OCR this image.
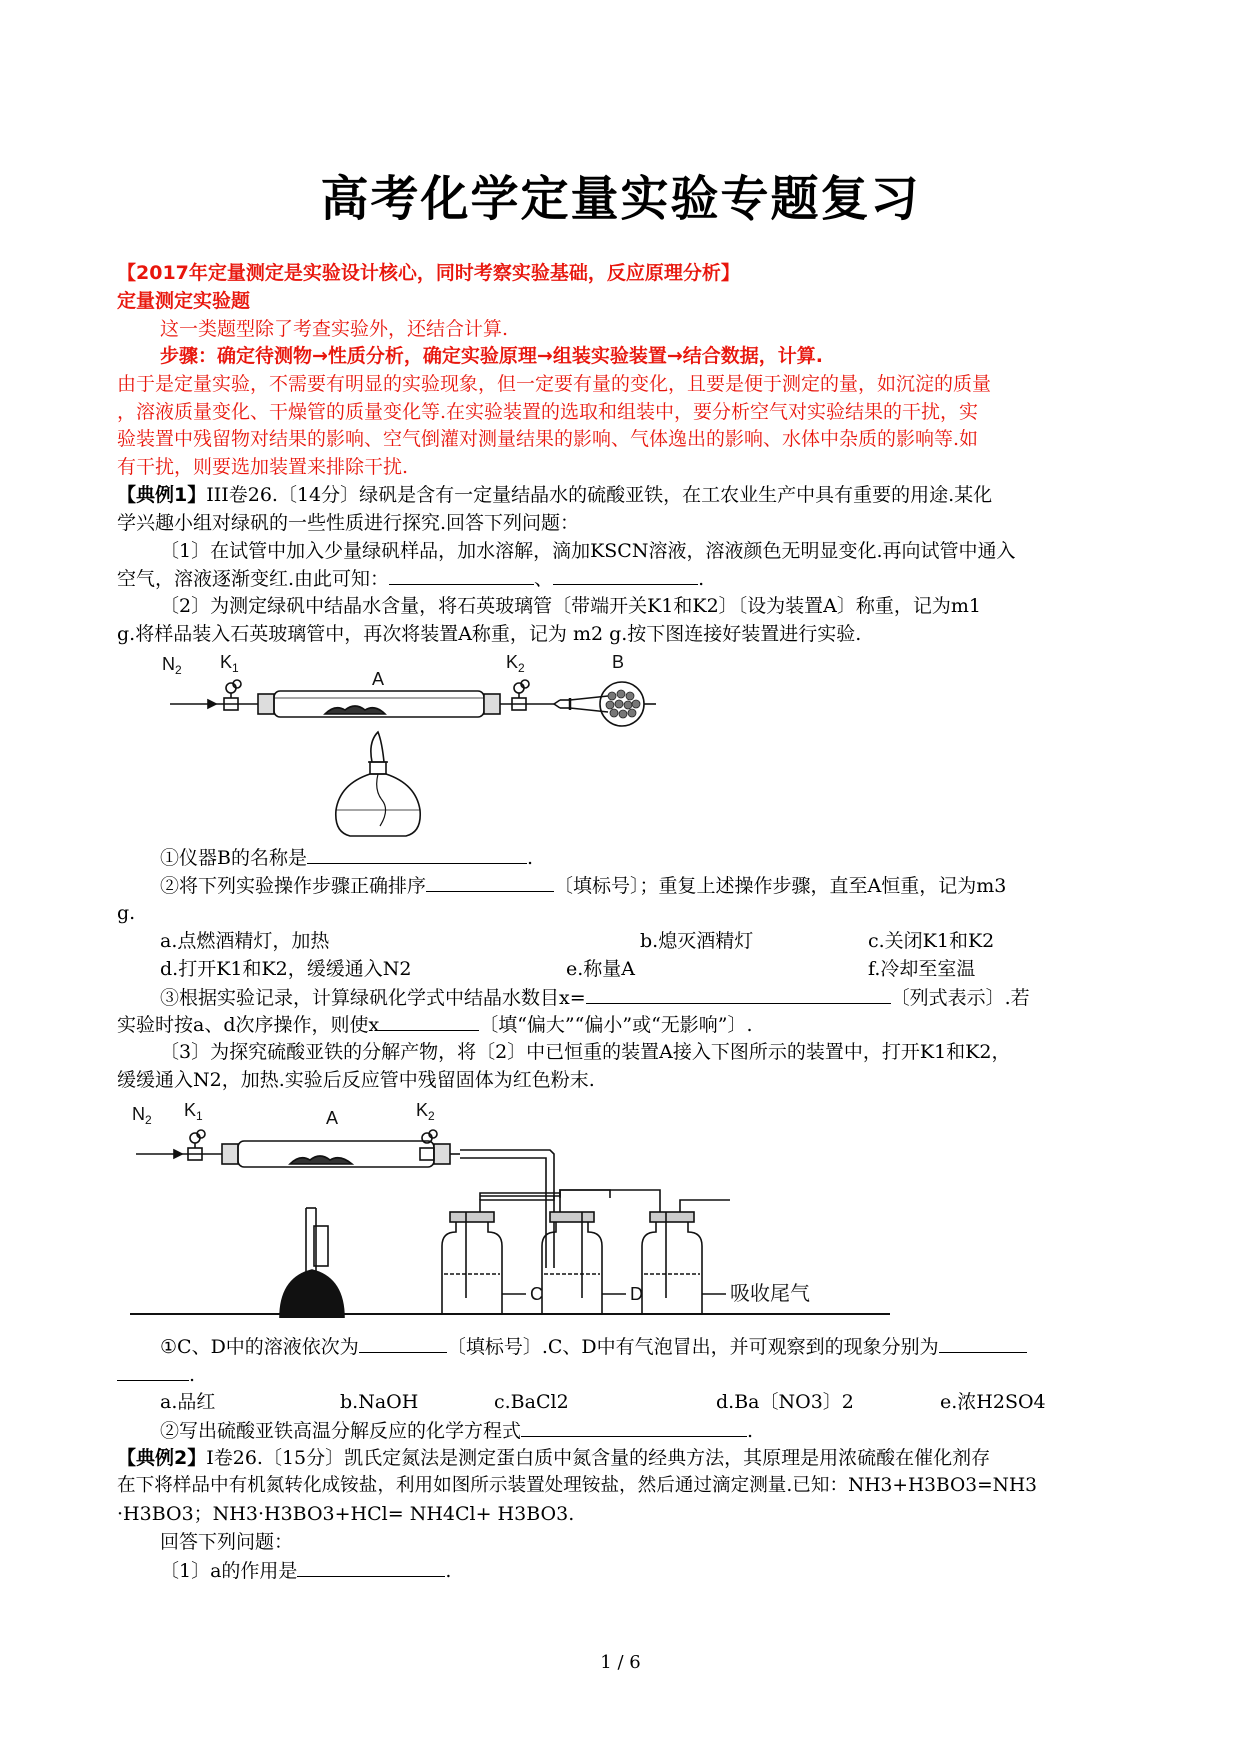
高考化学定量实验专题复习
【2017年定量测定是实验设计核心，同时考察实验基础，反应原理分析】
定量测定实验题
这一类题型除了考查实验外，还结合计算.
步骤：确定待测物→性质分析，确定实验原理→组装实验装置→结合数据，计算.
由于是定量实验，不需要有明显的实验现象，但一定要有量的变化，且要是便于测定的量，如沉淀的质量
，溶液质量变化、干燥管的质量变化等.在实验装置的选取和组装中，要分析空气对实验结果的干扰，实
验装置中残留物对结果的影响、空气倒灌对测量结果的影响、气体逸出的影响、水体中杂质的影响等.如
有干扰，则要选加装置来排除干扰.
【典例1】III卷26.〔14分〕绿矾是含有一定量结晶水的硫酸亚铁，在工农业生产中具有重要的用途.某化
学兴趣小组对绿矾的一些性质进行探究.回答下列问题：
〔1〕在试管中加入少量绿矾样品，加水溶解，滴加KSCN溶液，溶液颜色无明显变化.再向试管中通入
空气，溶液逐渐变红.由此可知：	、	.
〔2〕为测定绿矾中结晶水含量，将石英玻璃管〔带端开关K1和K2〕〔设为装置A〕称重，记为m1
g.将样品装入石英玻璃管中，再次将装置A称重，记为 m2 g.按下图连接好装置进行实验.
$N_2$ $K_1$
A
$K_2$	B
①仪器B的名称是	.
②将下列实验操作步骤正确排序	〔填标号〕；重复上述操作步骤，直至A恒重，记为m3
g.
a.点燃酒精灯，加热	b.熄灭酒精灯	c.关闭K1和K2
d.打开K1和K2，缓缓通入N2	e.称量A	f.冷却至室温
③根据实验记录，计算绿矾化学式中结晶水数目x=	〔列式表示〕.若
实验时按a、d次序操作，则使x	〔填“偏大”“偏小”或“无影响”〕.
〔3〕为探究硫酸亚铁的分解产物，将〔2〕中已恒重的装置A接入下图所示的装置中，打开K1和K2，
缓缓通入N2，加热.实验后反应管中残留固体为红色粉末.
$N_2$ $K_1$	A	$K_2$
C	D	吸收尾气
①C、D中的溶液依次为	〔填标号〕.C、D中有气泡冒出，并可观察到的现象分别为
.
a.品红	b.NaOH	c.BaCl2	d.Ba〔NO3〕2	e.浓H2SO4
②写出硫酸亚铁高温分解反应的化学方程式	.
【典例2】I卷26.〔15分〕凯氏定氮法是测定蛋白质中氮含量的经典方法，其原理是用浓硫酸在催化剂存
在下将样品中有机氮转化成铵盐，利用如图所示装置处理铵盐，然后通过滴定测量.已知：NH3+H3BO3=NH3
·H3BO3；NH3·H3BO3+HCl= NH4Cl+ H3BO3.
回答下列问题：
〔1〕a的作用是	.
1 / 6
